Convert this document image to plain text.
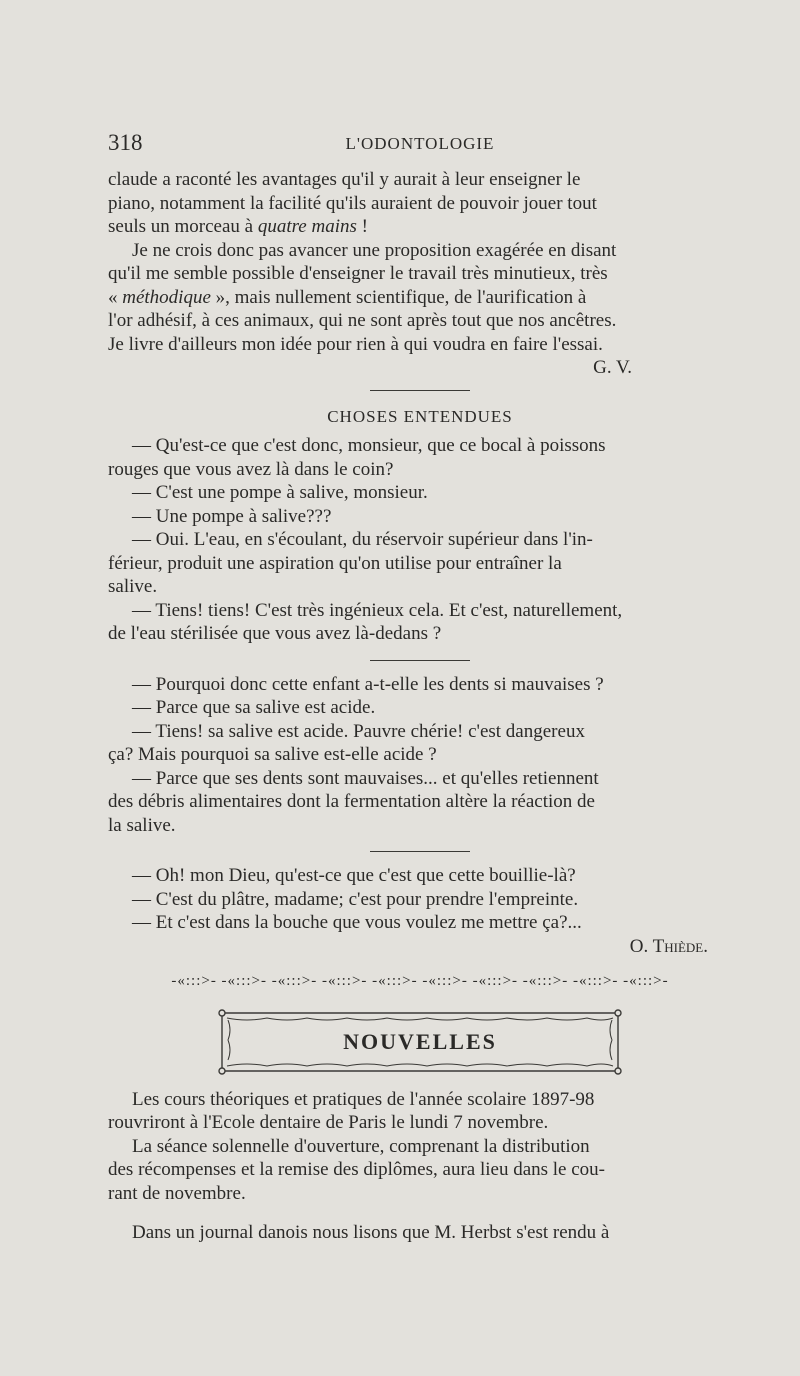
318	L'ODONTOLOGIE

claude a raconté les avantages qu'il y aurait à leur enseigner le
piano, notamment la facilité qu'ils auraient de pouvoir jouer tout
seuls un morceau à quatre mains !

Je ne crois donc pas avancer une proposition exagérée en disant
qu'il me semble possible d'enseigner le travail très minutieux, très
« méthodique », mais nullement scientifique, de l'aurification à
l'or adhésif, à ces animaux, qui ne sont après tout que nos ancêtres.
Je livre d'ailleurs mon idée pour rien à qui voudra en faire l'essai.

G. V.

CHOSES ENTENDUES

— Qu'est-ce que c'est donc, monsieur, que ce bocal à poissons

rouges que vous avez là dans le coin?

— C'est une pompe à salive, monsieur.

— Une pompe à salive???

— Oui. L'eau, en s'écoulant, du réservoir supérieur dans l'in-

férieur, produit une aspiration qu'on utilise pour entraîner la

salive.

— Tiens! tiens! C'est très ingénieux cela. Et c'est, naturellement,

de l'eau stérilisée que vous avez là-dedans ?

— Pourquoi donc cette enfant a-t-elle les dents si mauvaises ?

— Parce que sa salive est acide.

— Tiens! sa salive est acide. Pauvre chérie! c'est dangereux

ça? Mais pourquoi sa salive est-elle acide ?

— Parce que ses dents sont mauvaises... et qu'elles retiennent

des débris alimentaires dont la fermentation altère la réaction de

la salive.

— Oh! mon Dieu, qu'est-ce que c'est que cette bouillie-là?

— C'est du plâtre, madame; c'est pour prendre l'empreinte.

— Et c'est dans la bouche que vous voulez me mettre ça?...

O. Thiède.

-«:::>- -«:::>- -«:::>- -«:::>- -«:::>- -«:::>- -«:::>- -«:::>- -«:::>- -«:::>-
NOUVELLES

Les cours théoriques et pratiques de l'année scolaire 1897-98

rouvriront à l'Ecole dentaire de Paris le lundi 7 novembre.

La séance solennelle d'ouverture, comprenant la distribution

des récompenses et la remise des diplômes, aura lieu dans le cou-

rant de novembre.

Dans un journal danois nous lisons que M. Herbst s'est rendu à
